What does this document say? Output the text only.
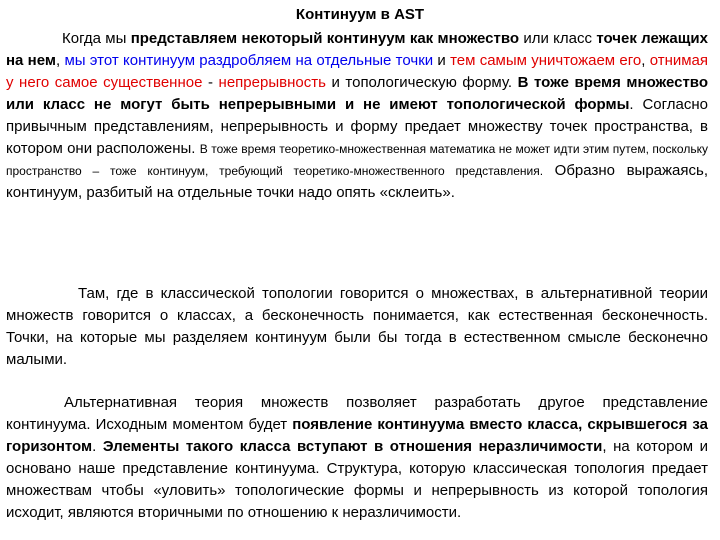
Континуум в AST

Когда мы представляем некоторый континуум как множество или класс точек лежащих на нем, мы этот континуум раздробляем на отдельные точки и тем самым уничтожаем его, отнимая у него самое существенное ‑ непрерывность и топологическую форму. В тоже время множество или класс не могут быть непрерывными и не имеют топологической формы. Согласно привычным представлениям, непрерывность и форму предает множеству точек пространства, в котором они расположены. В тоже время теоретико-множественная математика не может идти этим путем, поскольку пространство – тоже континуум, требующий теоретико-множественного представления. Образно выражаясь, континуум, разбитый на отдельные точки надо опять «склеить».

Там, где в классической топологии говорится о множествах, в альтернативной теории множеств говорится о классах, а бесконечность понимается, как естественная бесконечность. Точки, на которые мы разделяем континуум были бы тогда в естественном смысле бесконечно малыми.

Альтернативная теория множеств позволяет разработать другое представление континуума. Исходным моментом будет появление континуума вместо класса, скрывшегося за горизонтом. Элементы такого класса вступают в отношения неразличимости, на котором и основано наше представление континуума. Структура, которую классическая топология предает множествам чтобы «уловить» топологические формы и непрерывность из которой топология исходит, являются вторичными по отношению к неразличимости.
